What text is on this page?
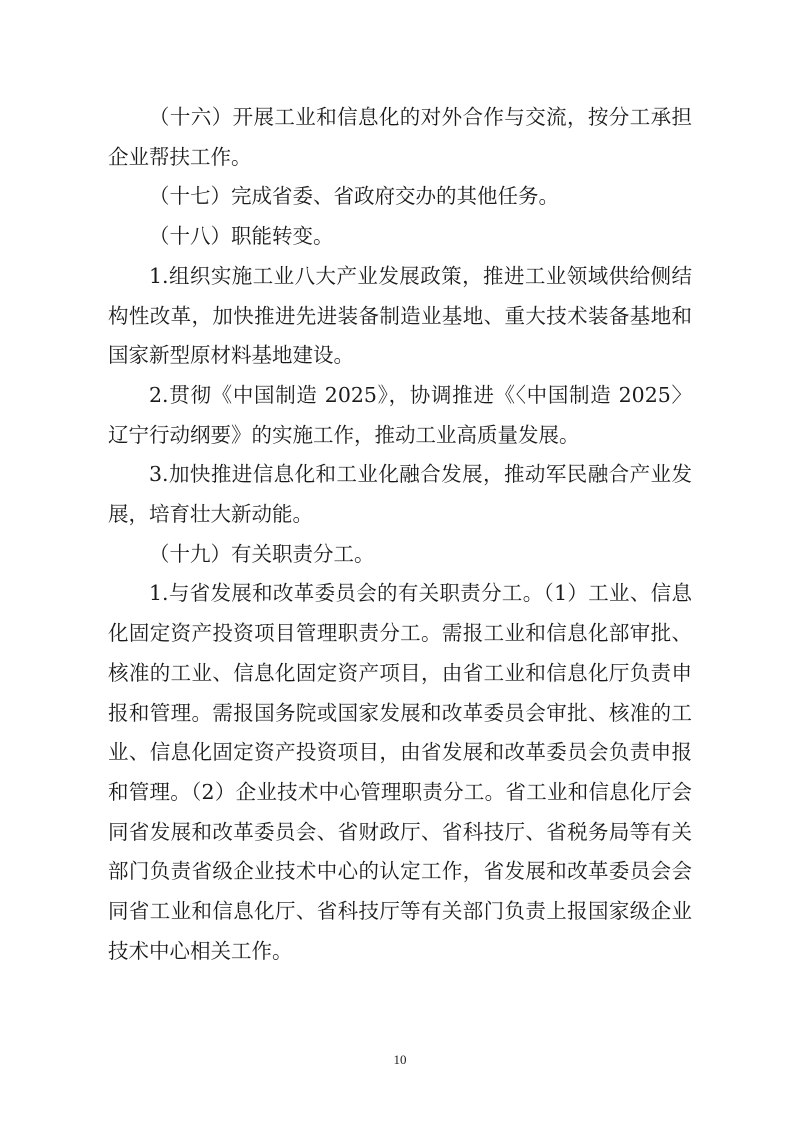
（十六）开展工业和信息化的对外合作与交流，按分工承担企业帮扶工作。

（十七）完成省委、省政府交办的其他任务。

（十八）职能转变。

1.组织实施工业八大产业发展政策，推进工业领域供给侧结构性改革，加快推进先进装备制造业基地、重大技术装备基地和国家新型原材料基地建设。

2.贯彻《中国制造 2025》，协调推进《〈中国制造 2025〉辽宁行动纲要》的实施工作，推动工业高质量发展。

3.加快推进信息化和工业化融合发展，推动军民融合产业发展，培育壮大新动能。

（十九）有关职责分工。

1.与省发展和改革委员会的有关职责分工。（1）工业、信息化固定资产投资项目管理职责分工。需报工业和信息化部审批、核准的工业、信息化固定资产项目，由省工业和信息化厅负责申报和管理。需报国务院或国家发展和改革委员会审批、核准的工业、信息化固定资产投资项目，由省发展和改革委员会负责申报和管理。（2）企业技术中心管理职责分工。省工业和信息化厅会同省发展和改革委员会、省财政厅、省科技厅、省税务局等有关部门负责省级企业技术中心的认定工作，省发展和改革委员会会同省工业和信息化厅、省科技厅等有关部门负责上报国家级企业技术中心相关工作。

10
